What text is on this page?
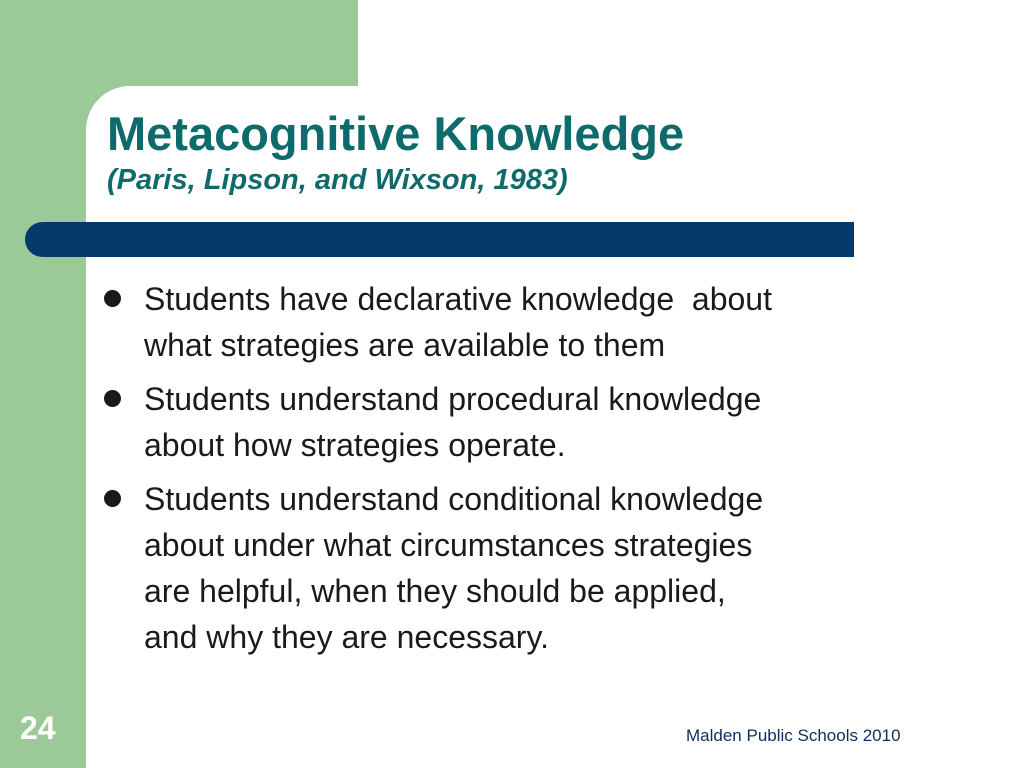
Metacognitive Knowledge
(Paris, Lipson, and Wixson, 1983)
Students have declarative knowledge  about
what strategies are available to them
Students understand procedural knowledge
about how strategies operate.
Students understand conditional knowledge
about under what circumstances strategies
are helpful, when they should be applied,
and why they are necessary.
24	Malden Public Schools 2010
